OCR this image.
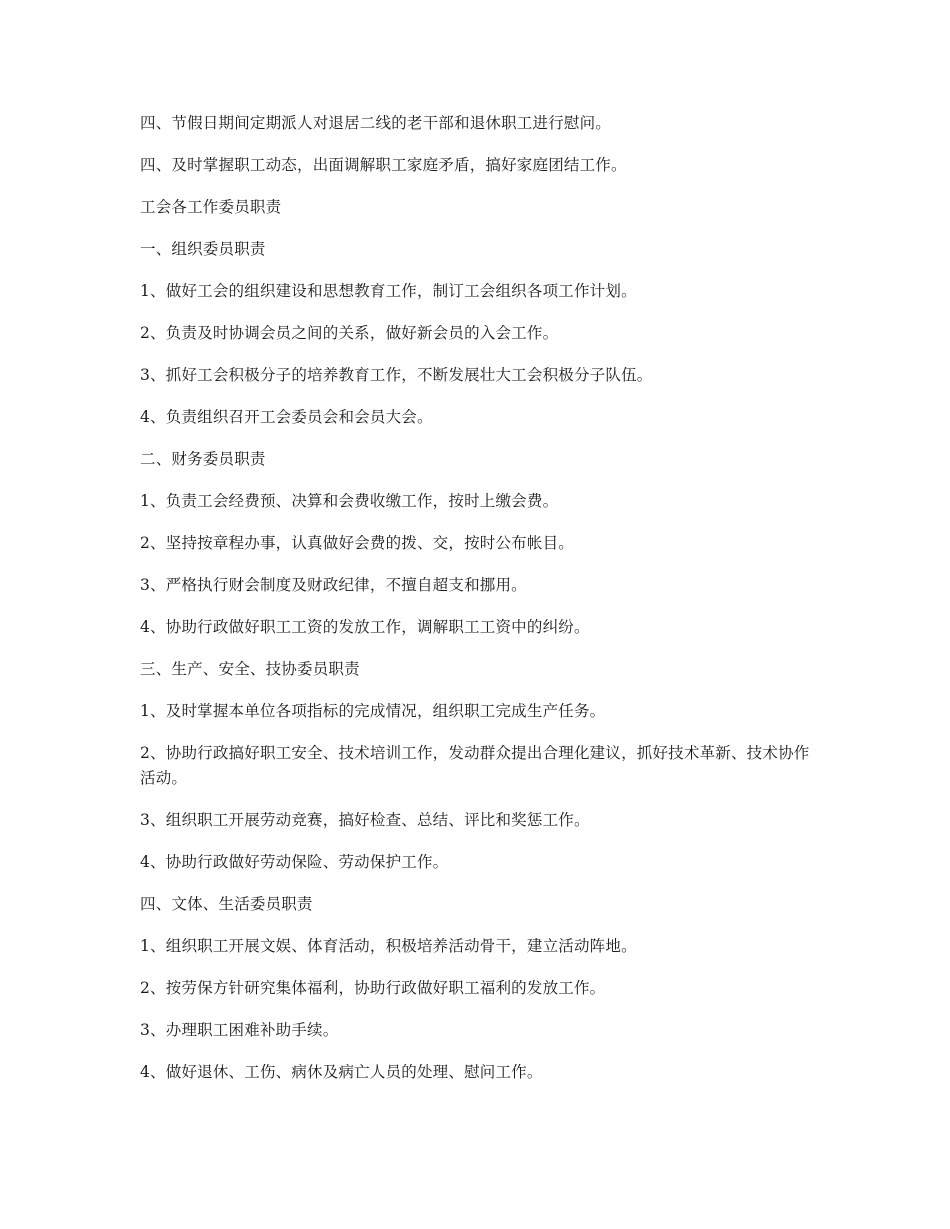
四、节假日期间定期派人对退居二线的老干部和退休职工进行慰问。

四、及时掌握职工动态，出面调解职工家庭矛盾，搞好家庭团结工作。

工会各工作委员职责

一、组织委员职责

1、做好工会的组织建设和思想教育工作，制订工会组织各项工作计划。

2、负责及时协调会员之间的关系，做好新会员的入会工作。

3、抓好工会积极分子的培养教育工作，不断发展壮大工会积极分子队伍。

4、负责组织召开工会委员会和会员大会。

二、财务委员职责

1、负责工会经费预、决算和会费收缴工作，按时上缴会费。

2、坚持按章程办事，认真做好会费的拨、交，按时公布帐目。

3、严格执行财会制度及财政纪律，不擅自超支和挪用。

4、协助行政做好职工工资的发放工作，调解职工工资中的纠纷。

三、生产、安全、技协委员职责

1、及时掌握本单位各项指标的完成情况，组织职工完成生产任务。

2、协助行政搞好职工安全、技术培训工作，发动群众提出合理化建议，抓好技术革新、技术协作活动。

3、组织职工开展劳动竞赛，搞好检查、总结、评比和奖惩工作。

4、协助行政做好劳动保险、劳动保护工作。

四、文体、生活委员职责

1、组织职工开展文娱、体育活动，积极培养活动骨干，建立活动阵地。

2、按劳保方针研究集体福利，协助行政做好职工福利的发放工作。

3、办理职工困难补助手续。

4、做好退休、工伤、病休及病亡人员的处理、慰问工作。
